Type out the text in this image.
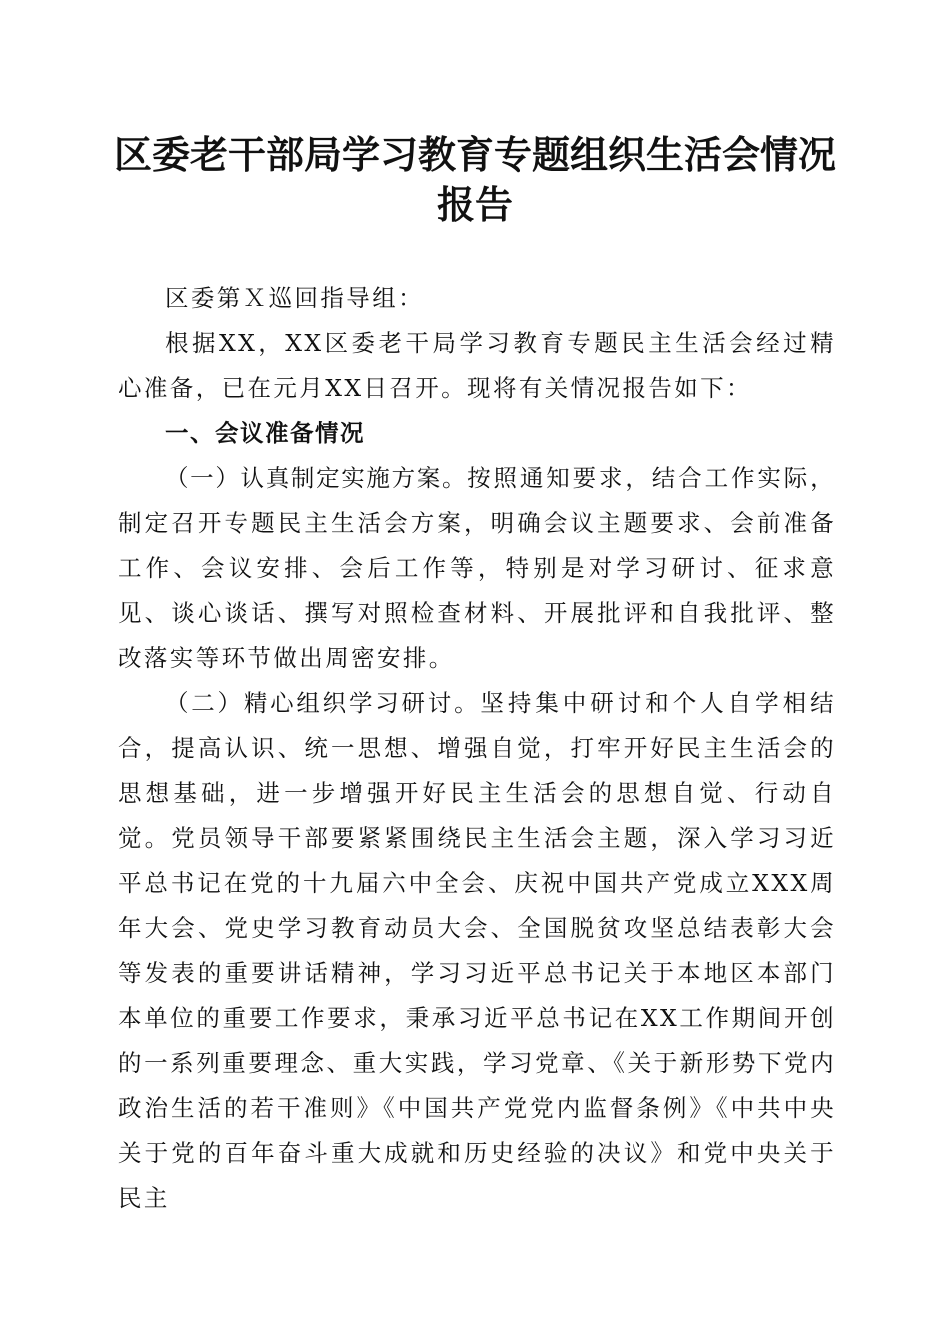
区委老干部局学习教育专题组织生活会情况报告

区委第Ｘ巡回指导组：

根据XX，XX区委老干局学习教育专题民主生活会经过精心准备，已在元月XX日召开。现将有关情况报告如下：

一、会议准备情况

（一）认真制定实施方案。按照通知要求，结合工作实际，制定召开专题民主生活会方案，明确会议主题要求、会前准备工作、会议安排、会后工作等，特别是对学习研讨、征求意见、谈心谈话、撰写对照检查材料、开展批评和自我批评、整改落实等环节做出周密安排。

（二）精心组织学习研讨。坚持集中研讨和个人自学相结合，提高认识、统一思想、增强自觉，打牢开好民主生活会的思想基础，进一步增强开好民主生活会的思想自觉、行动自觉。党员领导干部要紧紧围绕民主生活会主题，深入学习习近平总书记在党的十九届六中全会、庆祝中国共产党成立XXX周年大会、党史学习教育动员大会、全国脱贫攻坚总结表彰大会等发表的重要讲话精神，学习习近平总书记关于本地区本部门本单位的重要工作要求，秉承习近平总书记在XX工作期间开创的一系列重要理念、重大实践，学习党章、《关于新形势下党内政治生活的若干准则》《中国共产党党内监督条例》《中共中央关于党的百年奋斗重大成就和历史经验的决议》和党中央关于民主
